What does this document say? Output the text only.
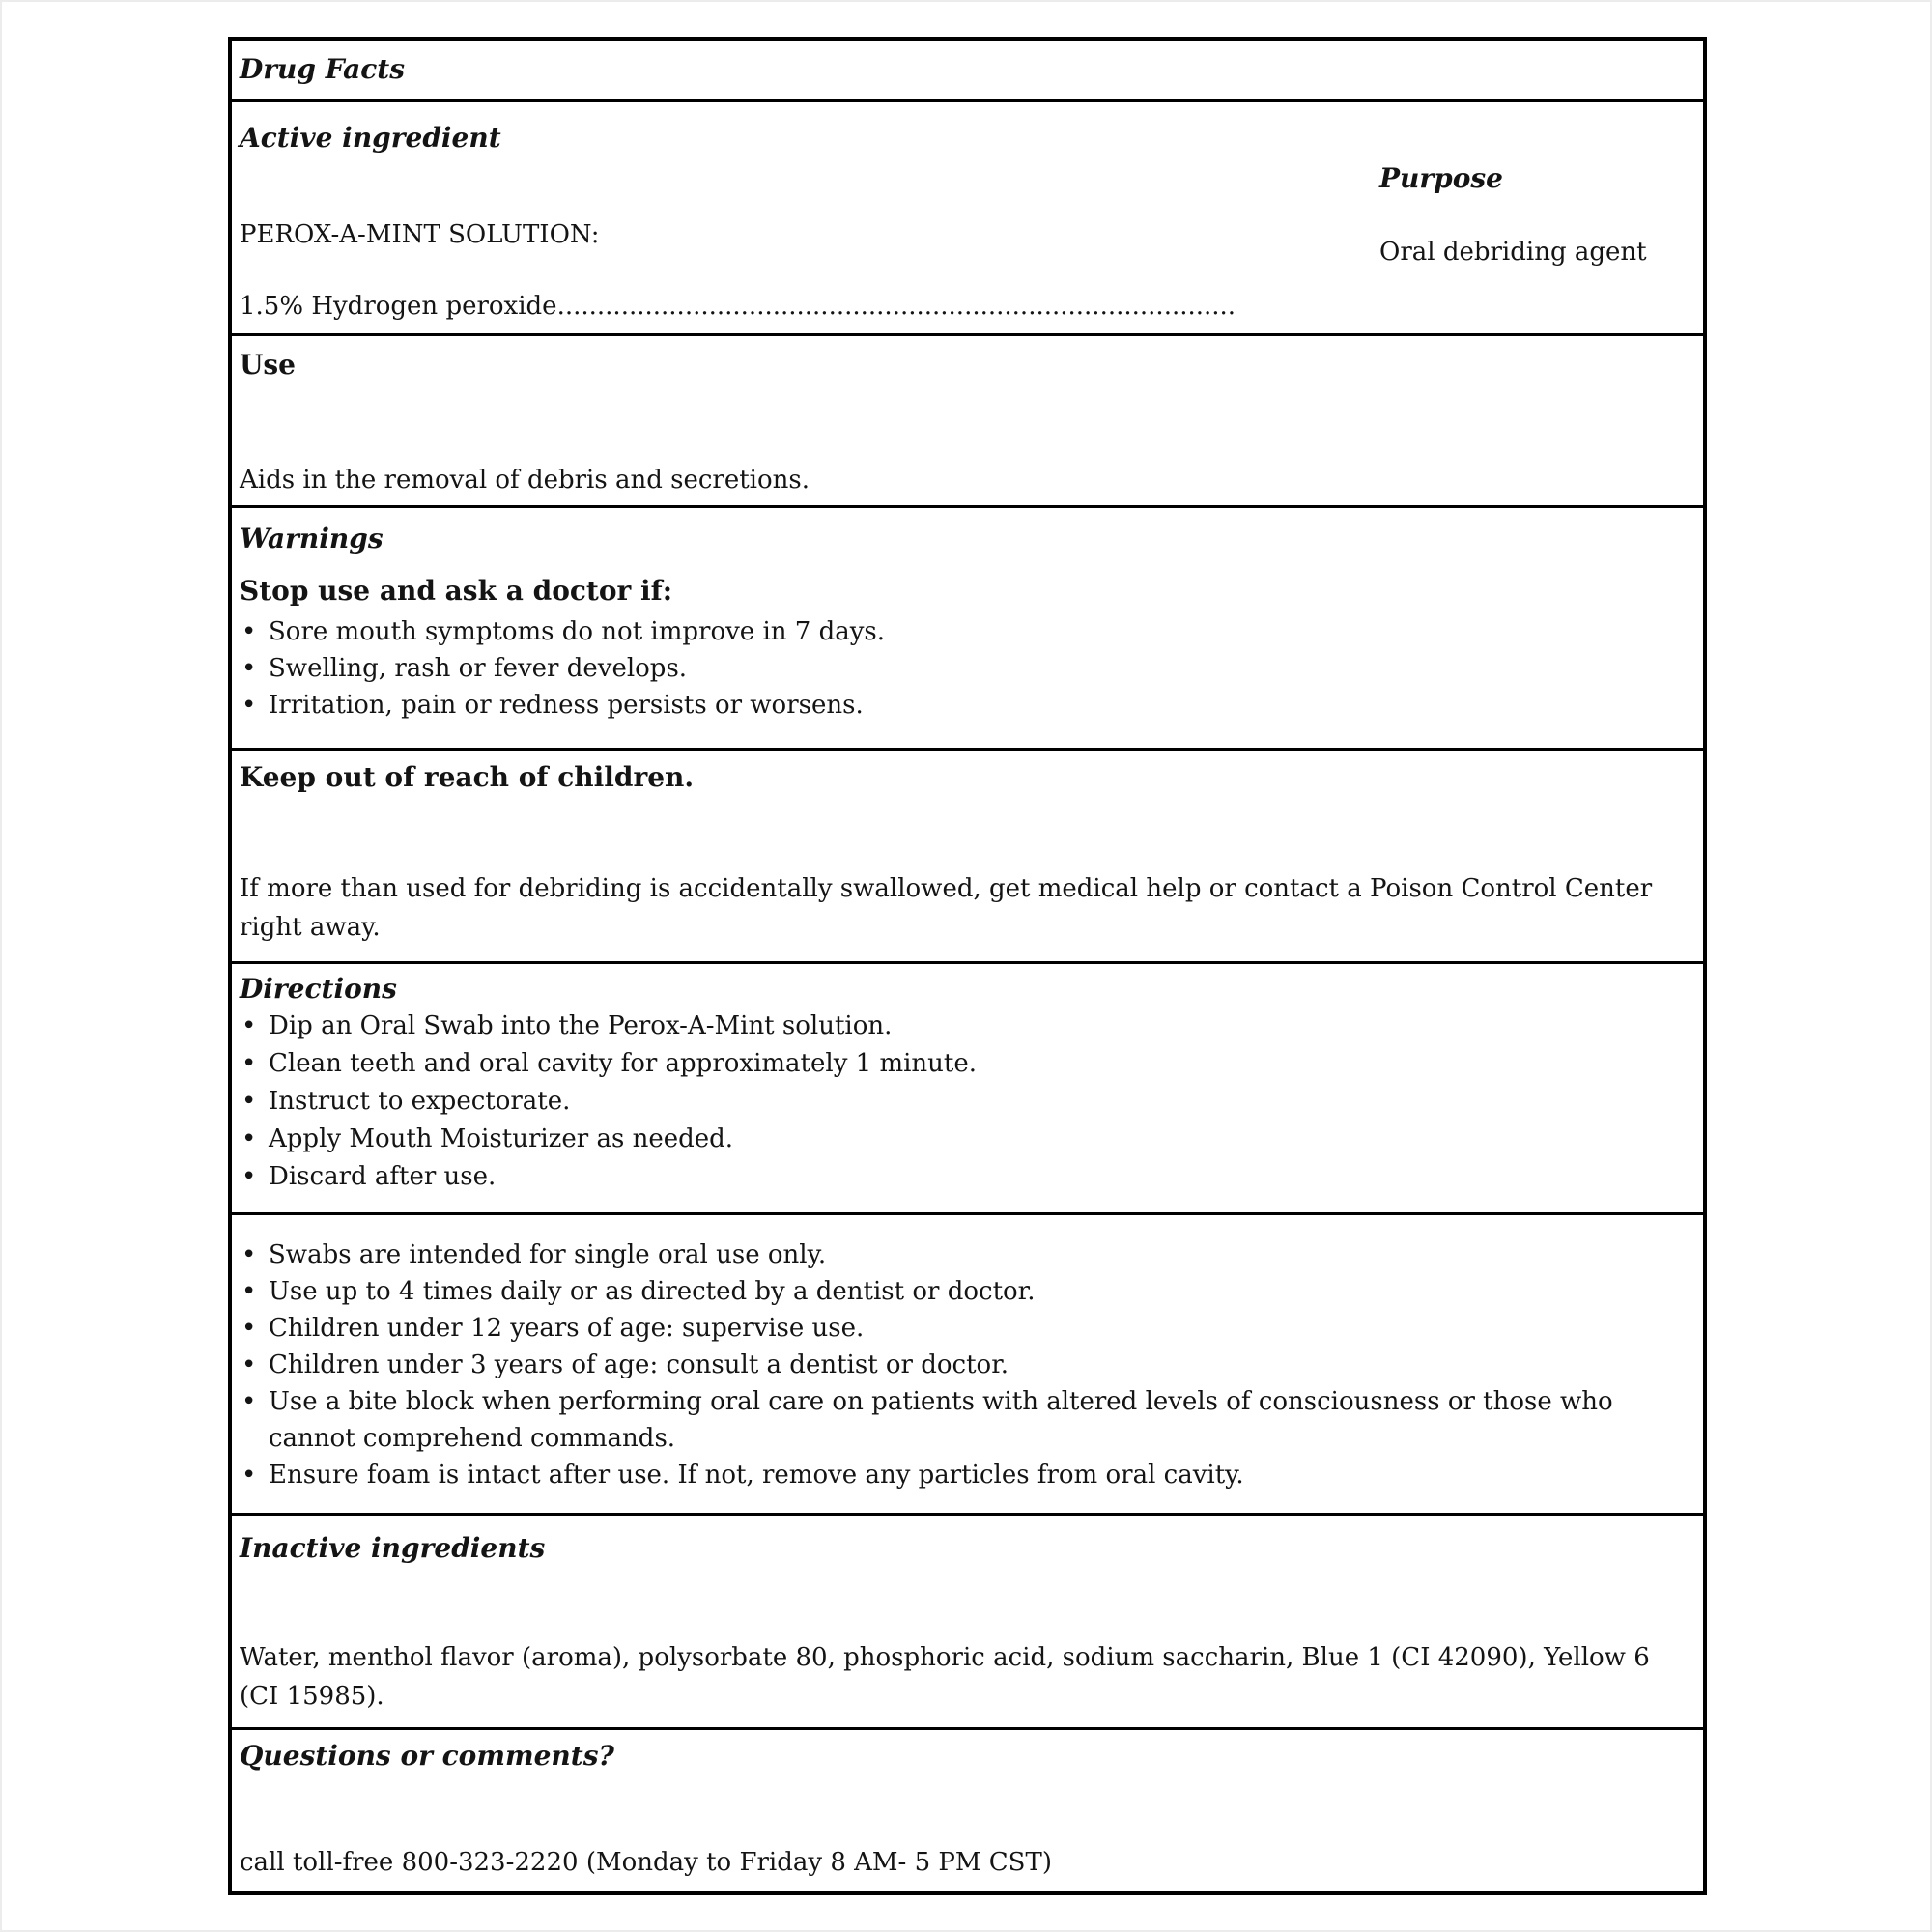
Drug Facts
Active ingredient

PEROX-A-MINT SOLUTION:

1.5% Hydrogen peroxide.....................................................................................

Purpose

Oral debriding agent

Use

Aids in the removal of debris and secretions.

Warnings
Stop use and ask a doctor if:
• Sore mouth symptoms do not improve in 7 days.
• Swelling, rash or fever develops.
• Irritation, pain or redness persists or worsens.
Keep out of reach of children.

If more than used for debriding is accidentally swallowed, get medical help or contact a Poison Control Center right away.

Directions
• Dip an Oral Swab into the Perox-A-Mint solution.
• Clean teeth and oral cavity for approximately 1 minute.
• Instruct to expectorate.
• Apply Mouth Moisturizer as needed.
• Discard after use.
• Swabs are intended for single oral use only.
• Use up to 4 times daily or as directed by a dentist or doctor.
• Children under 12 years of age: supervise use.
• Children under 3 years of age: consult a dentist or doctor.
• Use a bite block when performing oral care on patients with altered levels of consciousness or those who cannot comprehend commands.
• Ensure foam is intact after use. If not, remove any particles from oral cavity.
Inactive ingredients

Water, menthol flavor (aroma), polysorbate 80, phosphoric acid, sodium saccharin, Blue 1 (CI 42090), Yellow 6 (CI 15985).

Questions or comments?

call toll-free 800-323-2220 (Monday to Friday 8 AM- 5 PM CST)
